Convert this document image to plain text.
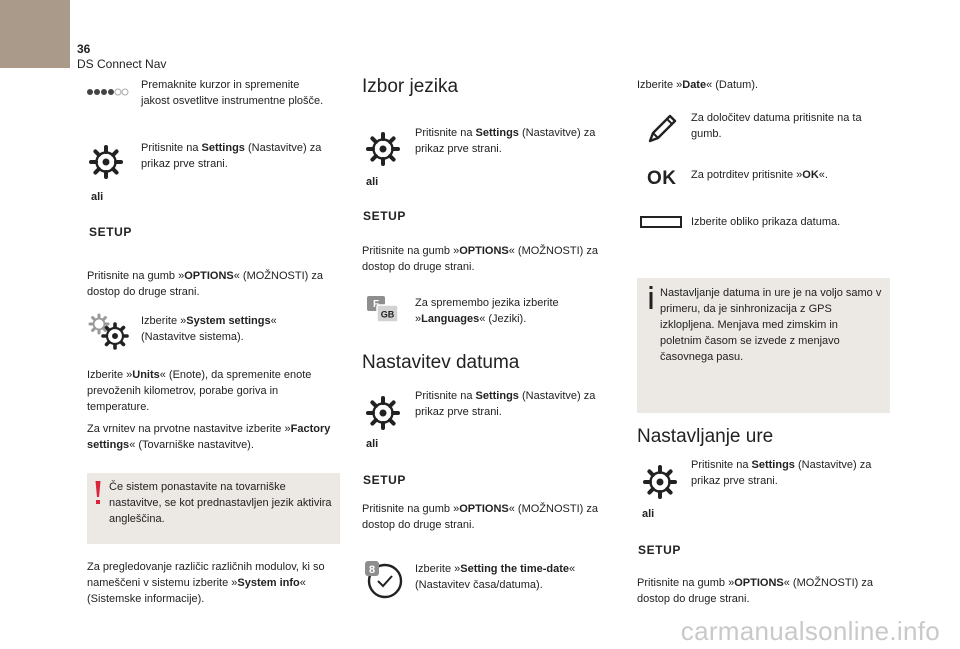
36
DS Connect Nav
Premaknite kurzor in spremenite jakost osvetlitve instrumentne plošče.
Pritisnite na Settings (Nastavitve) za prikaz prve strani.
ali
SETUP
Pritisnite na gumb »OPTIONS« (MOŽNOSTI) za dostop do druge strani.
Izberite »System settings« (Nastavitve sistema).
Izberite »Units« (Enote), da spremenite enote prevoženih kilometrov, porabe goriva in temperature.
Za vrnitev na prvotne nastavitve izberite »Factory settings« (Tovarniške nastavitve).
Če sistem ponastavite na tovarniške nastavitve, se kot prednastavljen jezik aktivira angleščina.
Za pregledovanje različic različnih modulov, ki so nameščeni v sistemu izberite »System info« (Sistemske informacije).
Izbor jezika
Pritisnite na Settings (Nastavitve) za prikaz prve strani.
ali
SETUP
Pritisnite na gumb »OPTIONS« (MOŽNOSTI) za dostop do druge strani.
F
GB
Za spremembo jezika izberite »Languages« (Jeziki).
Nastavitev datuma
Pritisnite na Settings (Nastavitve) za prikaz prve strani.
ali
SETUP
Pritisnite na gumb »OPTIONS« (MOŽNOSTI) za dostop do druge strani.
8	Izberite »Setting the time-date« (Nastavitev časa/datuma).
Izberite »Date« (Datum).
Za določitev datuma pritisnite na ta gumb.
OK Za potrditev pritisnite »OK«.
Izberite obliko prikaza datuma.
Nastavljanje datuma in ure je na voljo samo v primeru, da je sinhronizacija z GPS izklopljena. Menjava med zimskim in poletnim časom se izvede z menjavo časovnega pasu.
Nastavljanje ure
Pritisnite na Settings (Nastavitve) za prikaz prve strani.
ali
SETUP
Pritisnite na gumb »OPTIONS« (MOŽNOSTI) za dostop do druge strani.
carmanualsonline.info
